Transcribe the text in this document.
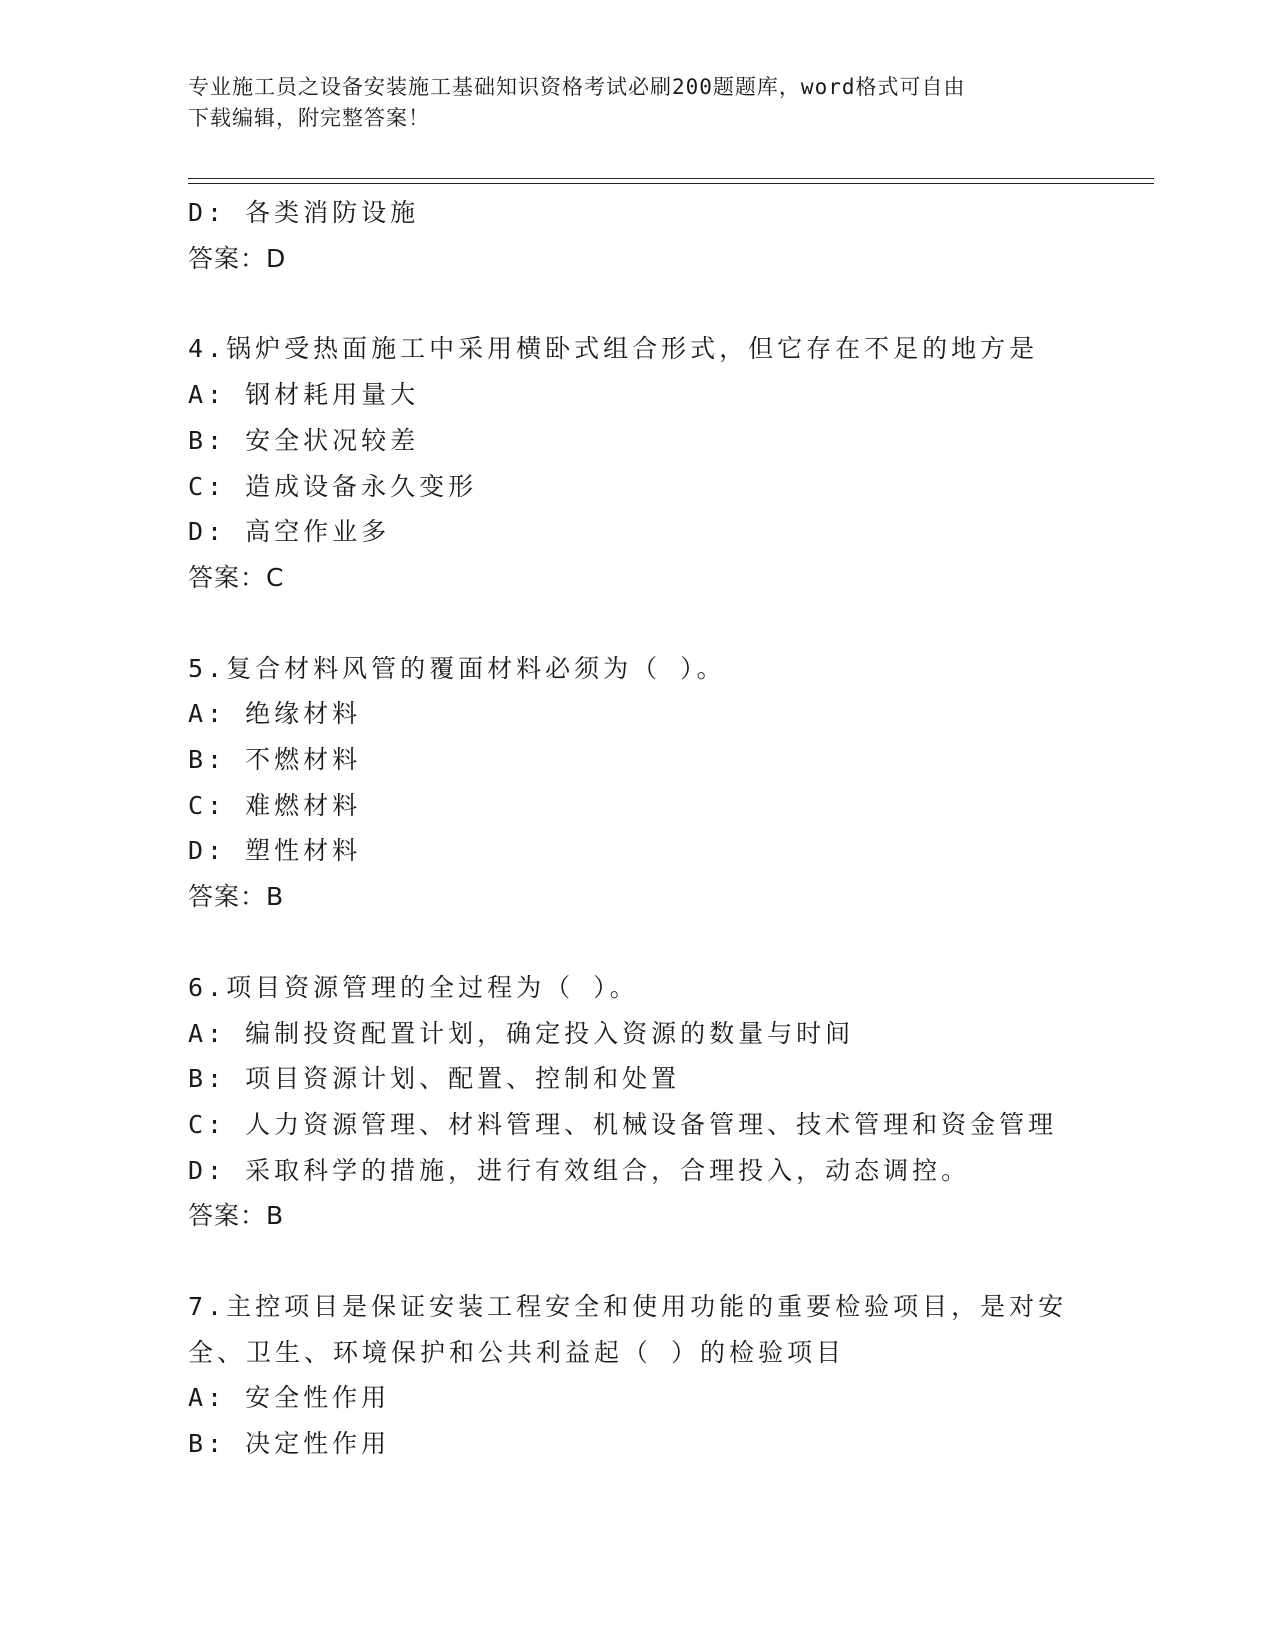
专业施工员之设备安装施工基础知识资格考试必刷200题题库，word格式可自由
下载编辑，附完整答案！
D: 各类消防设施
答案：D
4.锅炉受热面施工中采用横卧式组合形式，但它存在不足的地方是
A: 钢材耗用量大
B: 安全状况较差
C: 造成设备永久变形
D: 高空作业多
答案：C
5.复合材料风管的覆面材料必须为（ ）。
A: 绝缘材料
B: 不燃材料
C: 难燃材料
D: 塑性材料
答案：B
6.项目资源管理的全过程为（ ）。
A: 编制投资配置计划，确定投入资源的数量与时间
B: 项目资源计划、配置、控制和处置
C: 人力资源管理、材料管理、机械设备管理、技术管理和资金管理
D: 采取科学的措施，进行有效组合，合理投入，动态调控。
答案：B
7.主控项目是保证安装工程安全和使用功能的重要检验项目，是对安
全、卫生、环境保护和公共利益起（ ）的检验项目
A: 安全性作用
B: 决定性作用
